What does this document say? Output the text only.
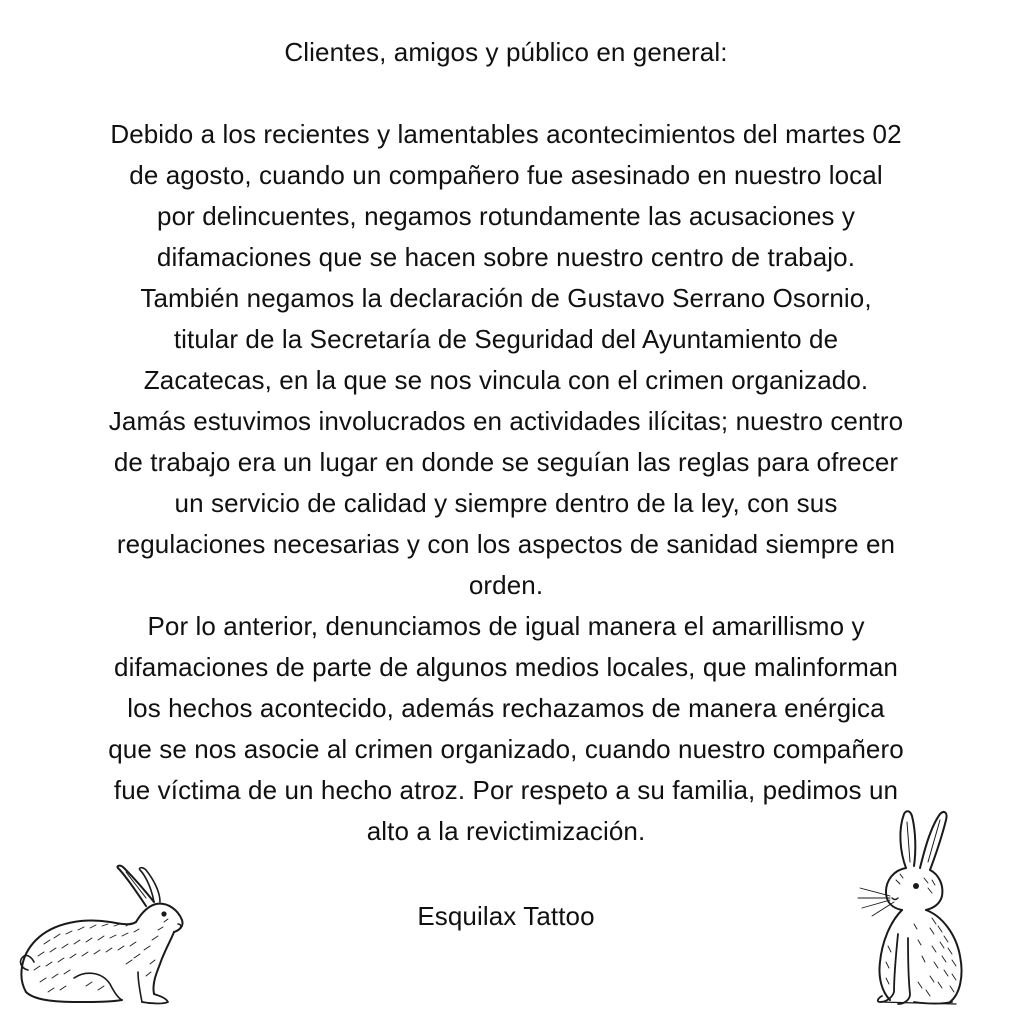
Clientes, amigos y público en general:
Debido a los recientes y lamentables acontecimientos del martes 02
de agosto, cuando un compañero fue asesinado en nuestro local
por delincuentes, negamos rotundamente las acusaciones y
difamaciones que se hacen sobre nuestro centro de trabajo.
También negamos la declaración de Gustavo Serrano Osornio,
titular de la Secretaría de Seguridad del Ayuntamiento de
Zacatecas, en la que se nos vincula con el crimen organizado.
Jamás estuvimos involucrados en actividades ilícitas; nuestro centro
de trabajo era un lugar en donde se seguían las reglas para ofrecer
un servicio de calidad y siempre dentro de la ley, con sus
regulaciones necesarias y con los aspectos de sanidad siempre en
orden.
Por lo anterior, denunciamos de igual manera el amarillismo y
difamaciones de parte de algunos medios locales, que malinforman
los hechos acontecido, además rechazamos de manera enérgica
que se nos asocie al crimen organizado, cuando nuestro compañero
fue víctima de un hecho atroz. Por respeto a su familia, pedimos un
alto a la revictimización.
Esquilax Tattoo
